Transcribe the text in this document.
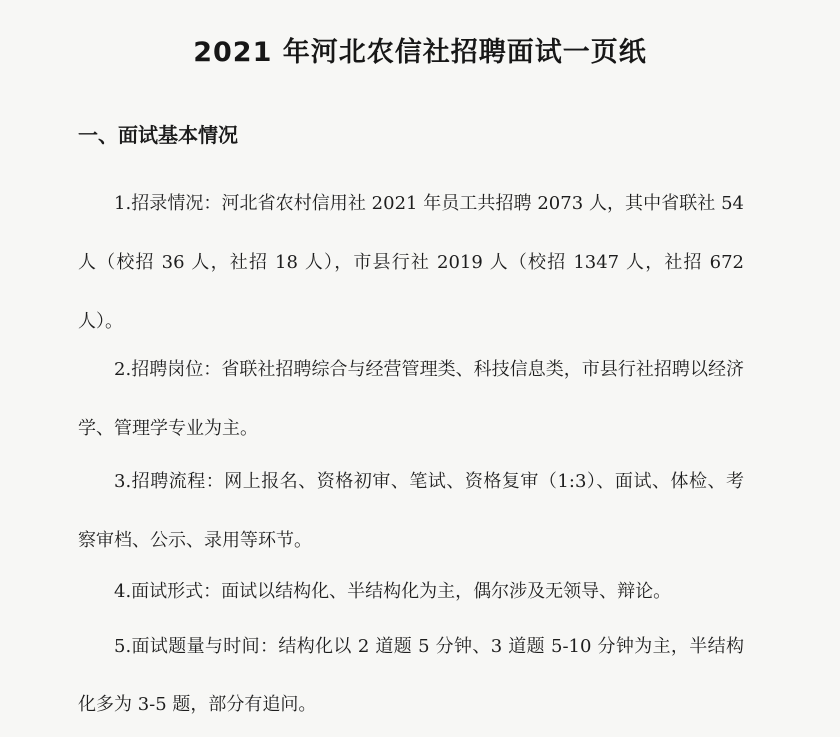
2021 年河北农信社招聘面试一页纸
一、面试基本情况

1.招录情况：河北省农村信用社 2021 年员工共招聘 2073 人，其中省联社 54 人（校招 36 人，社招 18 人），市县行社 2019 人（校招 1347 人，社招 672 人）。

2.招聘岗位：省联社招聘综合与经营管理类、科技信息类，市县行社招聘以经济学、管理学专业为主。

3.招聘流程：网上报名、资格初审、笔试、资格复审（1:3）、面试、体检、考察审档、公示、录用等环节。

4.面试形式：面试以结构化、半结构化为主，偶尔涉及无领导、辩论。

5.面试题量与时间：结构化以 2 道题 5 分钟、3 道题 5-10 分钟为主，半结构化多为 3-5 题，部分有追问。
